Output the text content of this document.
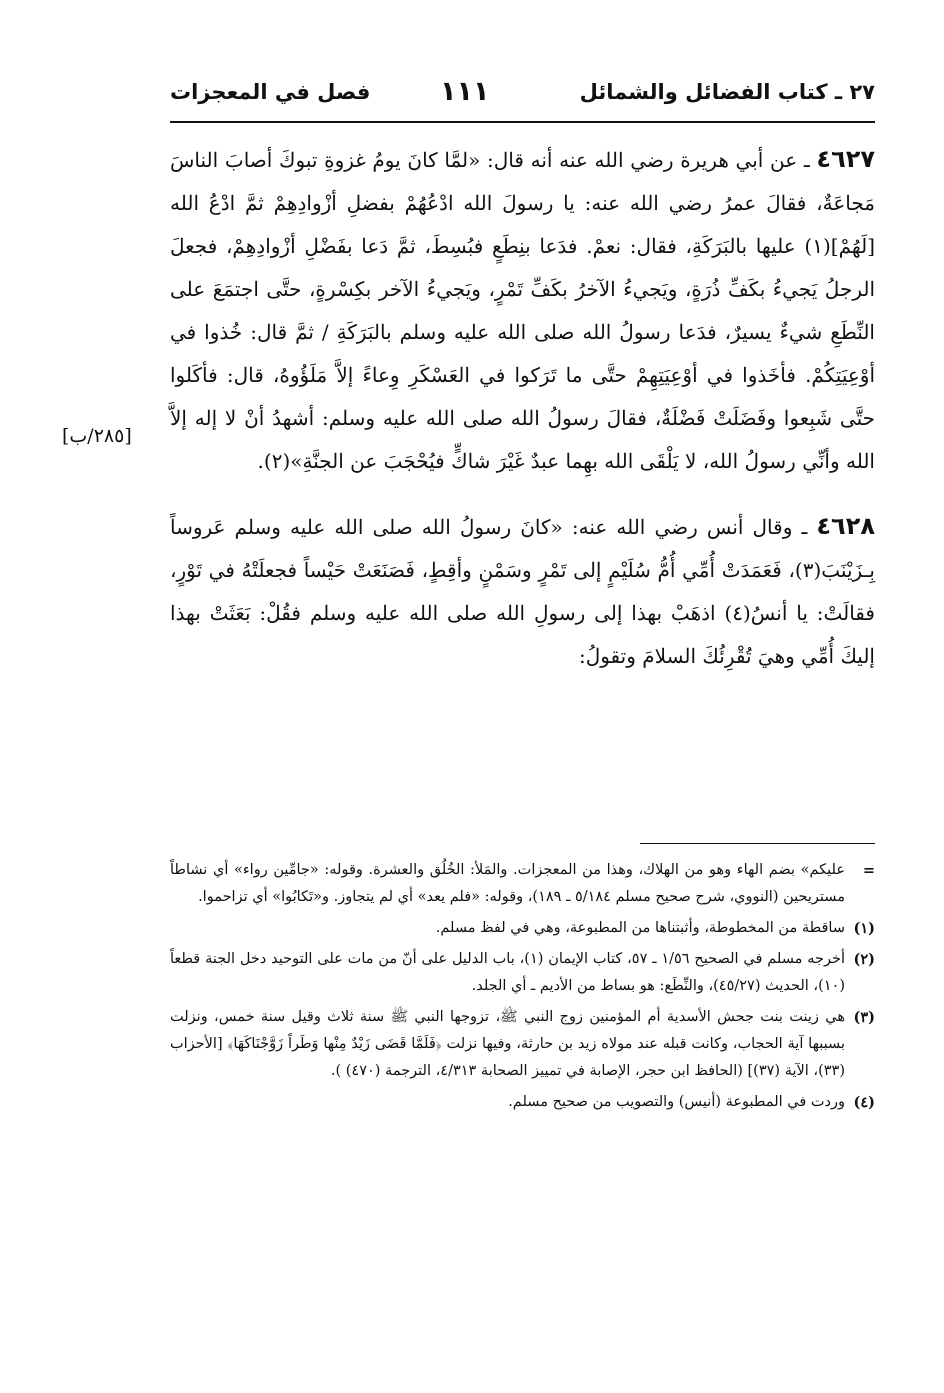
٢٧ ـ كتاب الفضائل والشمائل
١١١
فصل في المعجزات
[٢٨٥/ب]

٤٦٢٧ ـ عن أبي هريرة رضي الله عنه أنه قال: «لمَّا كانَ يومُ غزوةِ تبوكَ أصابَ الناسَ مَجاعَةٌ، فقالَ عمرُ رضي الله عنه: يا رسولَ الله ادْعُهُمْ بفضلِ أزْوادِهِمْ ثمَّ ادْعُ الله [لَهُمْ](١) عليها بالبَرَكَةِ، فقال: نعمْ. فدَعا بنِطَعٍ فبُسِطَ، ثمَّ دَعا بفَضْلِ أزْوادِهِمْ، فجعلَ الرجلُ يَجيءُ بكَفِّ ذُرَةٍ، ويَجيءُ الآخرُ بكَفِّ تَمْرٍ، ويَجيءُ الآخر بكِسْرةٍ، حتَّى اجتمَعَ على النِّطَعِ شيءٌ يسيرٌ، فدَعا رسولُ الله صلى الله عليه وسلم بالبَرَكَةِ / ثمَّ قال: خُذوا في أوْعِيَتِكُمْ. فأخَذوا في أوْعِيَتِهِمْ حتَّى ما تَرَكوا في العَسْكَرِ وِعاءً إلاَّ مَلَؤُوهُ، قال: فأكَلوا حتَّى شَبِعوا وفَضَلَتْ فَضْلَةٌ، فقالَ رسولُ الله صلى الله عليه وسلم: أشهدُ أنْ لا إله إلاَّ الله وأنِّي رسولُ الله، لا يَلْقَى الله بهِما عبدٌ غَيْرَ شاكٍّ فيُحْجَبَ عن الجنَّةِ»(٢).

٤٦٢٨ ـ وقال أنس رضي الله عنه: «كانَ رسولُ الله صلى الله عليه وسلم عَروساً بِـزَيْنَبَ(٣)، فَعَمَدَتْ أُمِّي أُمُّ سُلَيْمٍ إلى تَمْرٍ وسَمْنٍ وأقِطٍ، فَصَنَعَتْ حَيْساً فجعلَتْهُ في تَوْرٍ، فقالَتْ: يا أنسُ(٤) اذهَبْ بهذا إلى رسولِ الله صلى الله عليه وسلم فقُلْ: بَعَثَتْ بهذا إليكَ أُمِّي وهيَ تُقْرِئُكَ السلامَ وتقولُ:

=
عليكم» بضم الهاء وهو من الهلاك، وهذا من المعجزات. والمَلأ: الخُلُق والعشرة. وقوله: «جامِّين رواء» أي نشاطاً مستريحين (النووي، شرح صحيح مسلم ٥/١٨٤ ـ ١٨٩)، وقوله: «فلم يعد» أي لم يتجاوز. و«تَكابُوا» أي تزاحموا.
(١)
ساقطة من المخطوطة، وأثبتناها من المطبوعة، وهي في لفظ مسلم.
(٢)
أخرجه مسلم في الصحيح ١/٥٦ ـ ٥٧، كتاب الإيمان (١)، باب الدليل على أنّ من مات على التوحيد دخل الجنة قطعاً (١٠)، الحديث (٤٥/٢٧)، والنِّطَع: هو بساط من الأديم ـ أي الجلد.
(٣)
هي زينت بنت جحش الأسدية أم المؤمنين زوج النبي ﷺ، تزوجها النبي ﷺ سنة ثلاث وقيل سنة خمس، ونزلت بسببها آية الحجاب، وكانت قبله عند مولاه زيد بن حارثة، وفيها نزلت ﴿فَلَمَّا قَضَى زَيْدٌ مِنْها وَطَراً زَوَّجْنَاكَهَا﴾ [الأحزاب (٣٣)، الآية (٣٧)] (الحافظ ابن حجر، الإصابة في تمييز الصحابة ٤/٣١٣، الترجمة (٤٧٠) ).
(٤)
وردت في المطبوعة (أنيس) والتصويب من صحيح مسلم.
